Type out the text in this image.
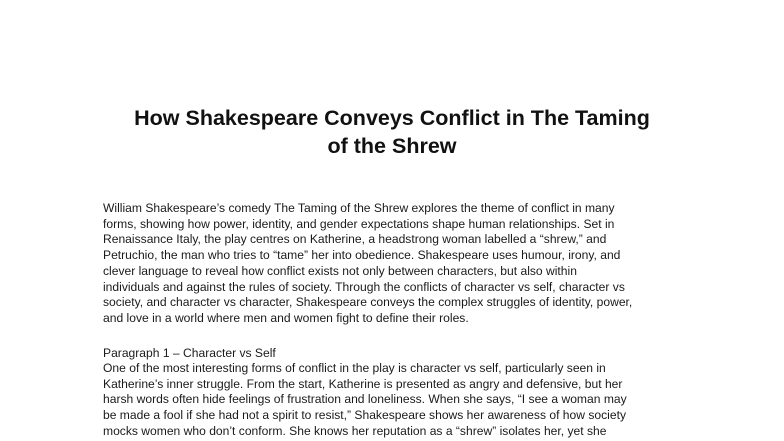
How Shakespeare Conveys Conflict in The Taming
of the Shrew
William Shakespeare’s comedy The Taming of the Shrew explores the theme of conflict in many
forms, showing how power, identity, and gender expectations shape human relationships. Set in
Renaissance Italy, the play centres on Katherine, a headstrong woman labelled a “shrew,” and
Petruchio, the man who tries to “tame” her into obedience. Shakespeare uses humour, irony, and
clever language to reveal how conflict exists not only between characters, but also within
individuals and against the rules of society. Through the conflicts of character vs self, character vs
society, and character vs character, Shakespeare conveys the complex struggles of identity, power,
and love in a world where men and women fight to define their roles.
Paragraph 1 – Character vs Self
One of the most interesting forms of conflict in the play is character vs self, particularly seen in
Katherine’s inner struggle. From the start, Katherine is presented as angry and defensive, but her
harsh words often hide feelings of frustration and loneliness. When she says, “I see a woman may
be made a fool if she had not a spirit to resist,” Shakespeare shows her awareness of how society
mocks women who don’t conform. She knows her reputation as a “shrew” isolates her, yet she
